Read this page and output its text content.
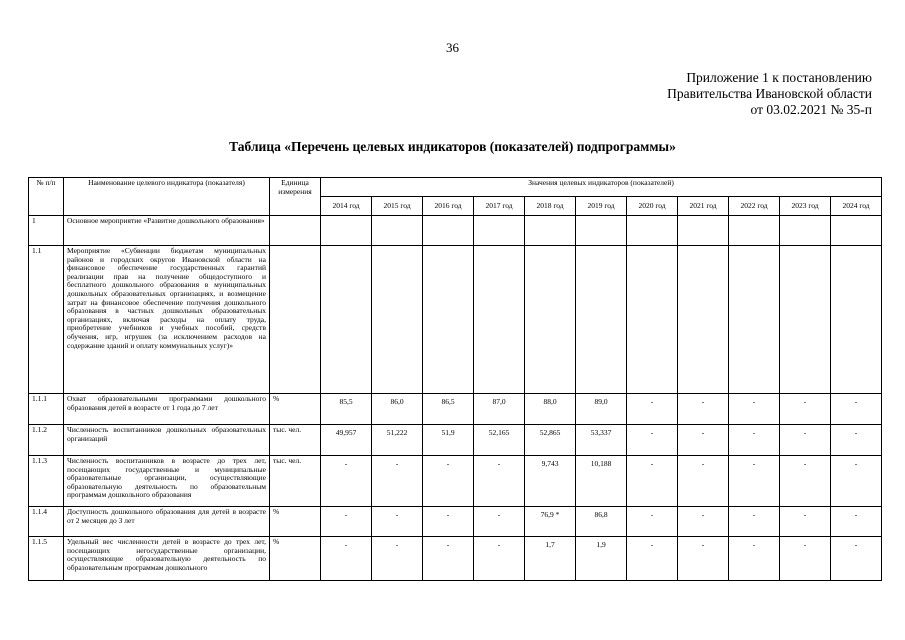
36
Приложение 1 к постановлению
Правительства Ивановской области
от 03.02.2021 № 35-п
Таблица «Перечень целевых индикаторов (показателей) подпрограммы»
№ п/п	Наименование целевого индикатора (показателя)	Единица измерения	Значения целевых индикаторов (показателей)										
			2014 год	2015 год	2016 год	2017 год	2018 год	2019 год	2020 год	2021 год	2022 год	2023 год	2024 год
1	Основное мероприятие «Развитие дошкольного образования»												
1.1	Мероприятие «Субвенции бюджетам муниципальных районов и городских округов Ивановской области на финансовое обеспечение государственных гарантий реализации прав на получение общедоступного и бесплатного дошкольного образования в муниципальных дошкольных образовательных организациях, и возмещение затрат на финансовое обеспечение получения дошкольного образования в частных дошкольных образовательных организациях, включая расходы на оплату труда, приобретение учебников и учебных пособий, средств обучения, игр, игрушек (за исключением расходов на содержание зданий и оплату коммунальных услуг)»												
1.1.1	Охват образовательными программами дошкольного образования детей в возрасте от 1 года до 7 лет	%	85,5	86,0	86,5	87,0	88,0	89,0	-	-	-	-	-
1.1.2	Численность воспитанников дошкольных образовательных организаций	тыс. чел.	49,957	51,222	51,9	52,165	52,865	53,337	-	-	-	-	-
1.1.3	Численность воспитанников в возрасте до трех лет, посещающих государственные и муниципальные образовательные организации, осуществляющие образовательную деятельность по образовательным программам дошкольного образования	тыс. чел.	-	-	-	-	9,743	10,188	-	-	-	-	-
1.1.4	Доступность дошкольного образования для детей в возрасте от 2 месяцев до 3 лет	%	-	-	-	-	76,9 *	86,8	-	-	-	-	-
1.1.5	Удельный вес численности детей в возрасте до трех лет, посещающих негосударственные организации, осуществляющие образовательную деятельность по образовательным программам дошкольного	%	-	-	-	-	1,7	1,9	-	-	-	-	-
